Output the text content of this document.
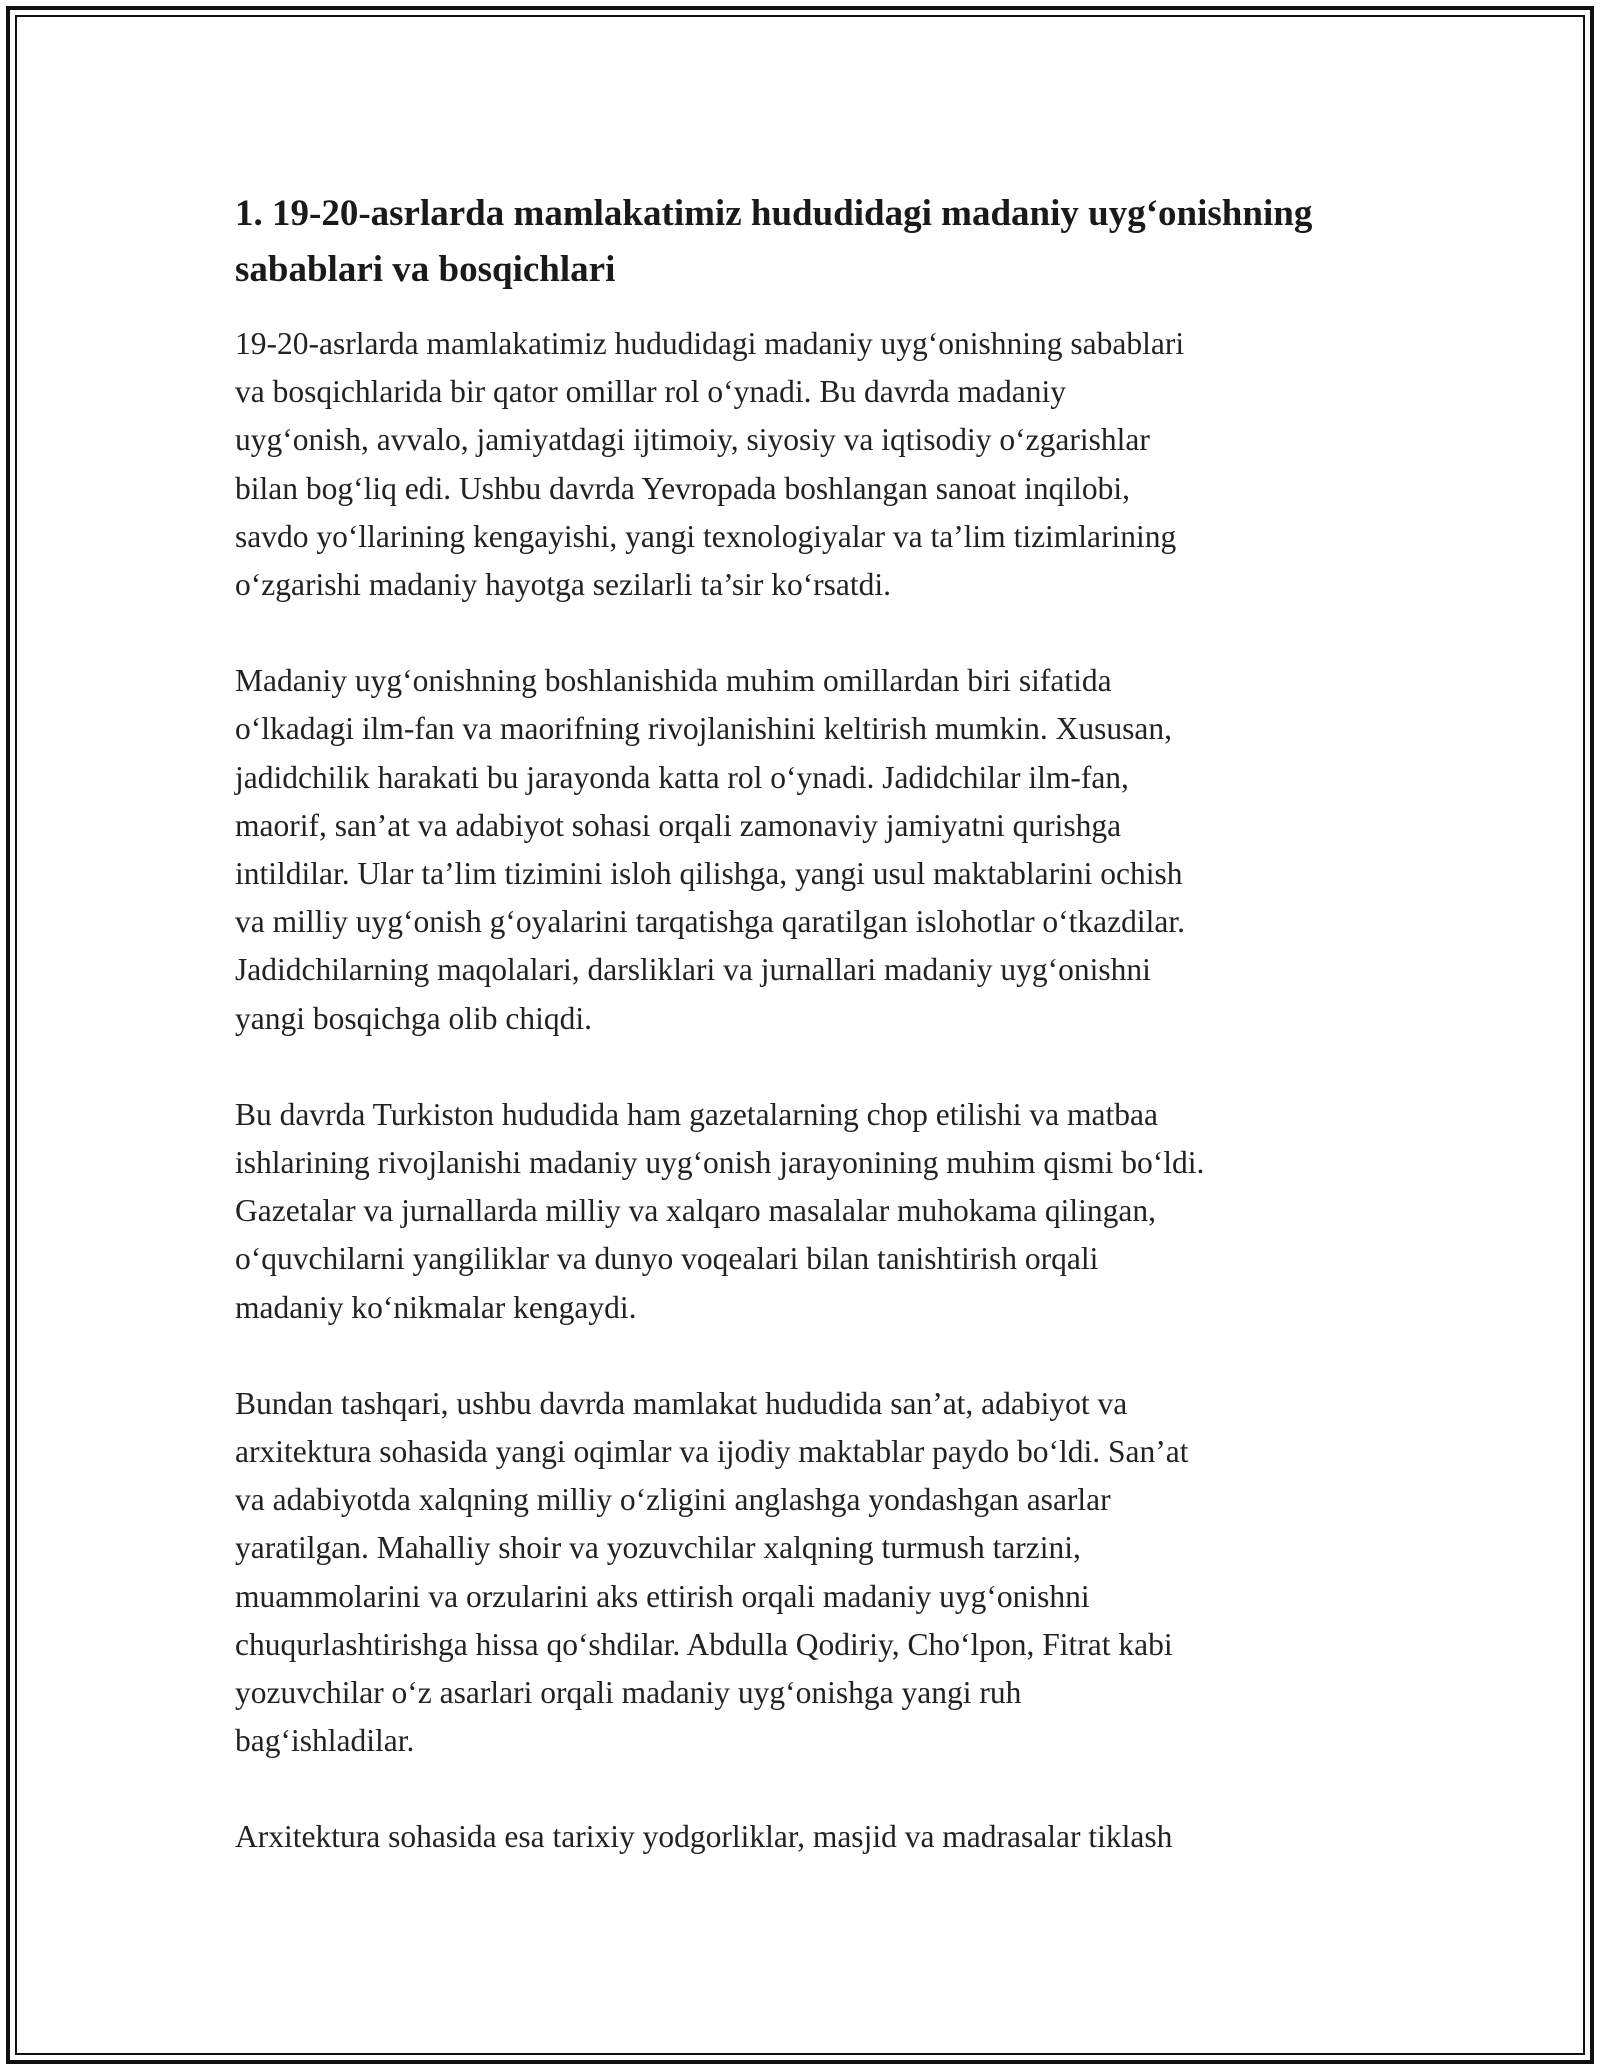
1. 19-20-asrlarda mamlakatimiz hududidagi madaniy uyg‘onishning sabablari va bosqichlari

19-20-asrlarda mamlakatimiz hududidagi madaniy uyg‘onishning sabablari
va bosqichlarida bir qator omillar rol o‘ynadi. Bu davrda madaniy
uyg‘onish, avvalo, jamiyatdagi ijtimoiy, siyosiy va iqtisodiy o‘zgarishlar
bilan bog‘liq edi. Ushbu davrda Yevropada boshlangan sanoat inqilobi,
savdo yo‘llarining kengayishi, yangi texnologiyalar va ta’lim tizimlarining
o‘zgarishi madaniy hayotga sezilarli ta’sir ko‘rsatdi.

Madaniy uyg‘onishning boshlanishida muhim omillardan biri sifatida
o‘lkadagi ilm-fan va maorifning rivojlanishini keltirish mumkin. Xususan,
jadidchilik harakati bu jarayonda katta rol o‘ynadi. Jadidchilar ilm-fan,
maorif, san’at va adabiyot sohasi orqali zamonaviy jamiyatni qurishga
intildilar. Ular ta’lim tizimini isloh qilishga, yangi usul maktablarini ochish
va milliy uyg‘onish g‘oyalarini tarqatishga qaratilgan islohotlar o‘tkazdilar.
Jadidchilarning maqolalari, darsliklari va jurnallari madaniy uyg‘onishni
yangi bosqichga olib chiqdi.

Bu davrda Turkiston hududida ham gazetalarning chop etilishi va matbaa
ishlarining rivojlanishi madaniy uyg‘onish jarayonining muhim qismi bo‘ldi.
Gazetalar va jurnallarda milliy va xalqaro masalalar muhokama qilingan,
o‘quvchilarni yangiliklar va dunyo voqealari bilan tanishtirish orqali
madaniy ko‘nikmalar kengaydi.

Bundan tashqari, ushbu davrda mamlakat hududida san’at, adabiyot va
arxitektura sohasida yangi oqimlar va ijodiy maktablar paydo bo‘ldi. San’at
va adabiyotda xalqning milliy o‘zligini anglashga yondashgan asarlar
yaratilgan. Mahalliy shoir va yozuvchilar xalqning turmush tarzini,
muammolarini va orzularini aks ettirish orqali madaniy uyg‘onishni
chuqurlashtirishga hissa qo‘shdilar. Abdulla Qodiriy, Cho‘lpon, Fitrat kabi
yozuvchilar o‘z asarlari orqali madaniy uyg‘onishga yangi ruh
bag‘ishladilar.

Arxitektura sohasida esa tarixiy yodgorliklar, masjid va madrasalar tiklash
